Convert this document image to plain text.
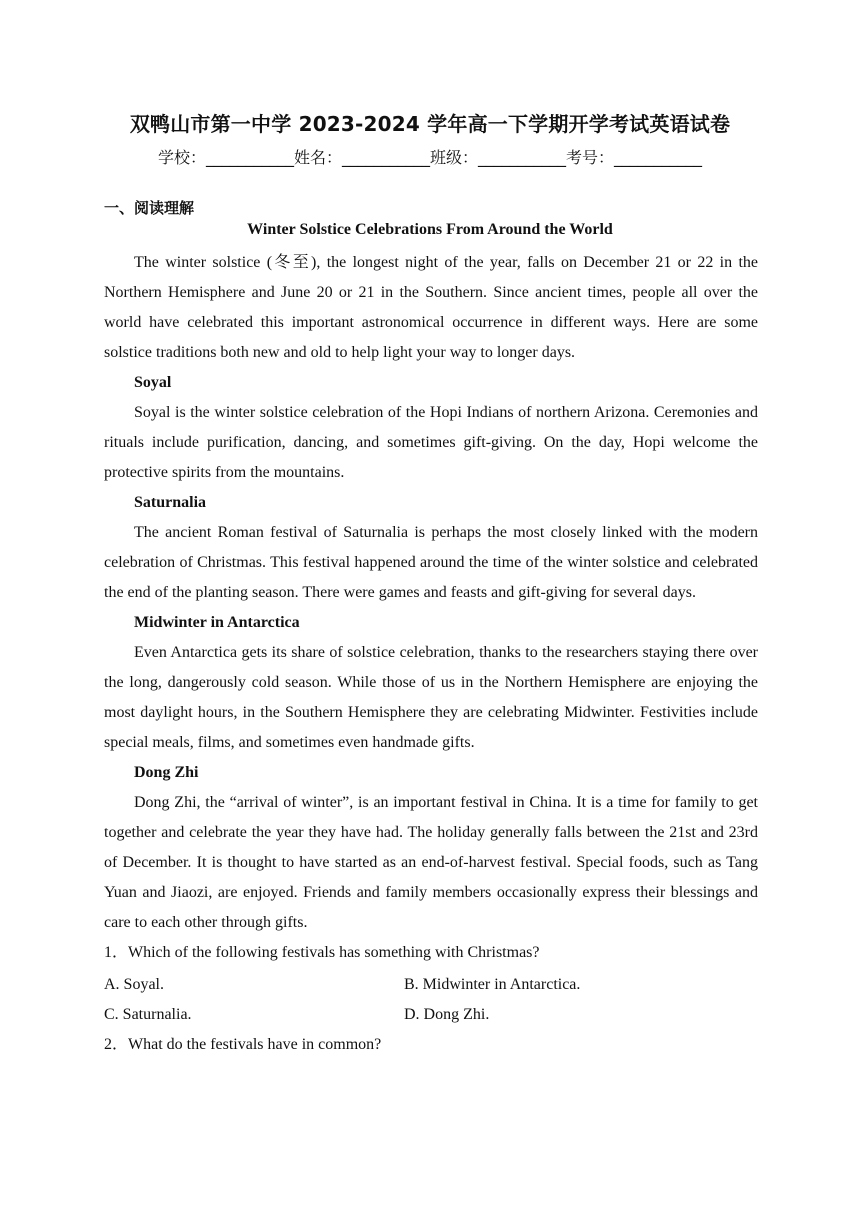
双鸭山市第一中学 2023-2024 学年高一下学期开学考试英语试卷
学校：___________姓名：___________班级：___________考号：___________
一、阅读理解
Winter Solstice Celebrations From Around the World

The winter solstice (冬至), the longest night of the year, falls on December 21 or 22 in the Northern Hemisphere and June 20 or 21 in the Southern. Since ancient times, people all over the world have celebrated this important astronomical occurrence in different ways. Here are some solstice traditions both new and old to help light your way to longer days.

Soyal

Soyal is the winter solstice celebration of the Hopi Indians of northern Arizona. Ceremonies and rituals include purification, dancing, and sometimes gift-giving. On the day, Hopi welcome the protective spirits from the mountains.

Saturnalia

The ancient Roman festival of Saturnalia is perhaps the most closely linked with the modern celebration of Christmas. This festival happened around the time of the winter solstice and celebrated the end of the planting season. There were games and feasts and gift-giving for several days.

Midwinter in Antarctica

Even Antarctica gets its share of solstice celebration, thanks to the researchers staying there over the long, dangerously cold season. While those of us in the Northern Hemisphere are enjoying the most daylight hours, in the Southern Hemisphere they are celebrating Midwinter. Festivities include special meals, films, and sometimes even handmade gifts.

Dong Zhi

Dong Zhi, the “arrival of winter”, is an important festival in China. It is a time for family to get together and celebrate the year they have had. The holiday generally falls between the 21st and 23rd of December. It is thought to have started as an end-of-harvest festival. Special foods, such as Tang Yuan and Jiaozi, are enjoyed. Friends and family members occasionally express their blessings and care to each other through gifts.

1．Which of the following festivals has something with Christmas?

A. Soyal.	B. Midwinter in Antarctica.
C. Saturnalia.	D. Dong Zhi.

2．What do the festivals have in common?
